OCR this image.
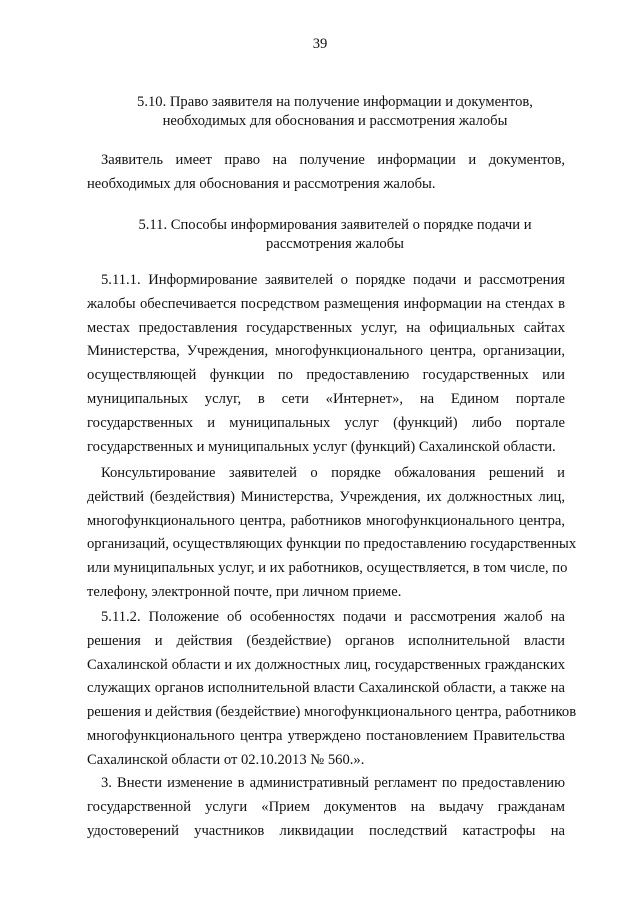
39
5.10. Право заявителя на получение информации и документов,
необходимых для обоснования и рассмотрения жалобы
Заявитель имеет право на получение информации и документов,
необходимых для обоснования и рассмотрения жалобы.
5.11. Способы информирования заявителей о порядке подачи и
рассмотрения жалобы
5.11.1. Информирование заявителей о порядке подачи и рассмотрения
жалобы обеспечивается посредством размещения информации на стендах в
местах предоставления государственных услуг, на официальных сайтах
Министерства, Учреждения, многофункционального центра, организации,
осуществляющей функции по предоставлению государственных или
муниципальных услуг, в сети «Интернет», на Едином портале
государственных и муниципальных услуг (функций) либо портале
государственных и муниципальных услуг (функций) Сахалинской области.
Консультирование заявителей о порядке обжалования решений и
действий (бездействия) Министерства, Учреждения, их должностных лиц,
многофункционального центра, работников многофункционального центра,
организаций, осуществляющих функции по предоставлению государственных
или муниципальных услуг, и их работников, осуществляется, в том числе, по
телефону, электронной почте, при личном приеме.
5.11.2. Положение об особенностях подачи и рассмотрения жалоб на
решения и действия (бездействие) органов исполнительной власти
Сахалинской области и их должностных лиц, государственных гражданских
служащих органов исполнительной власти Сахалинской области, а также на
решения и действия (бездействие) многофункционального центра, работников
многофункционального центра утверждено постановлением Правительства
Сахалинской области от 02.10.2013 № 560.».
3. Внести изменение в административный регламент по предоставлению
государственной услуги «Прием документов на выдачу гражданам
удостоверений участников ликвидации последствий катастрофы на
